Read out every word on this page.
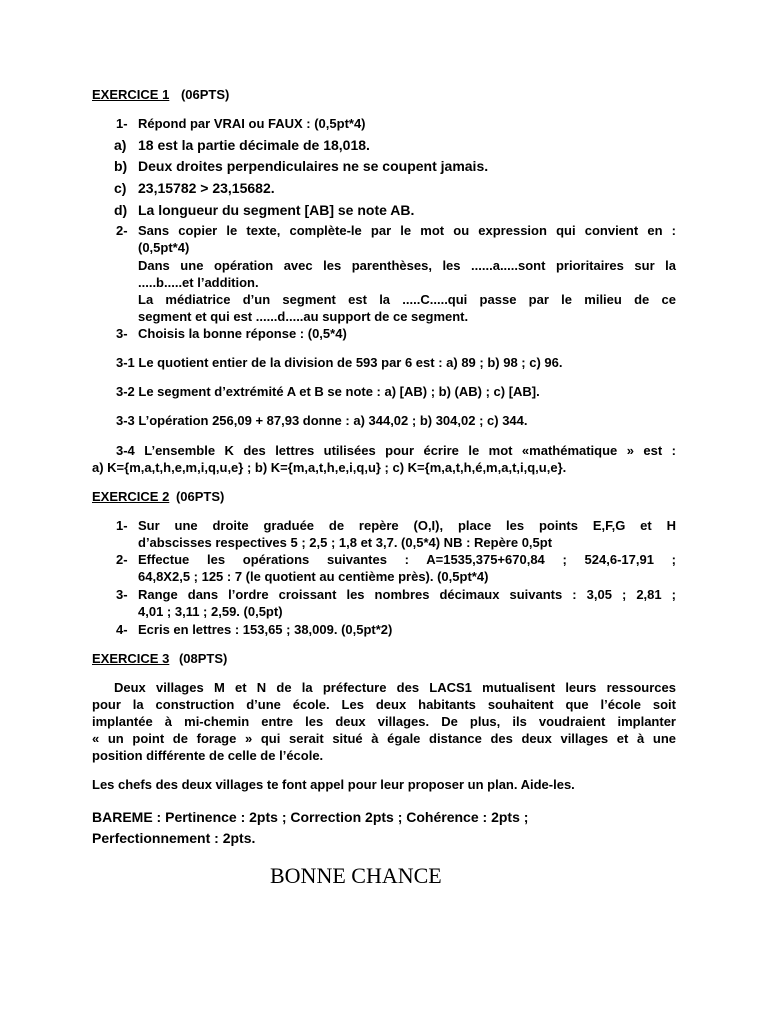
EXERCICE 1 (06PTS)
1- Répond par VRAI ou FAUX : (0,5pt*4)
a) 18 est la partie décimale de 18,018.
b) Deux droites perpendiculaires ne se coupent jamais.
c) 23,15782 > 23,15682.
d) La longueur du segment [AB] se note AB.
2- Sans copier le texte, complète-le par le mot ou expression qui convient en :
(0,5pt*4)
Dans une opération avec les parenthèses, les ......a.....sont prioritaires sur la
.....b.....et l’addition.
La médiatrice d’un segment est la .....C.....qui passe par le milieu de ce
segment et qui est ......d.....au support de ce segment.
3- Choisis la bonne réponse : (0,5*4)
3-1 Le quotient entier de la division de 593 par 6 est : a) 89 ; b) 98 ; c) 96.
3-2 Le segment d’extrémité A et B se note : a) [AB) ; b) (AB) ; c) [AB].
3-3 L’opération 256,09 + 87,93 donne : a) 344,02 ; b) 304,02 ; c) 344.
3-4 L’ensemble K des lettres utilisées pour écrire le mot «mathématique » est :
a) K={m,a,t,h,e,m,i,q,u,e} ; b) K={m,a,t,h,e,i,q,u} ; c) K={m,a,t,h,é,m,a,t,i,q,u,e}.
EXERCICE 2 (06PTS)
1- Sur une droite graduée de repère (O,I), place les points E,F,G et H
d’abscisses respectives 5 ; 2,5 ; 1,8 et 3,7. (0,5*4) NB : Repère 0,5pt
2- Effectue les opérations suivantes : A=1535,375+670,84 ; 524,6-17,91 ;
64,8X2,5 ; 125 : 7 (le quotient au centième près). (0,5pt*4)
3- Range dans l’ordre croissant les nombres décimaux suivants : 3,05 ; 2,81 ;
4,01 ; 3,11 ; 2,59. (0,5pt)
4- Ecris en lettres : 153,65 ; 38,009. (0,5pt*2)
EXERCICE 3 (08PTS)
Deux villages M et N de la préfecture des LACS1 mutualisent leurs ressources
pour la construction d’une école. Les deux habitants souhaitent que l’école soit
implantée à mi-chemin entre les deux villages. De plus, ils voudraient implanter
« un point de forage » qui serait situé à égale distance des deux villages et à une
position différente de celle de l’école.
Les chefs des deux villages te font appel pour leur proposer un plan. Aide-les.
BAREME : Pertinence : 2pts ; Correction 2pts ; Cohérence : 2pts ;
Perfectionnement : 2pts.
BONNE CHANCE
